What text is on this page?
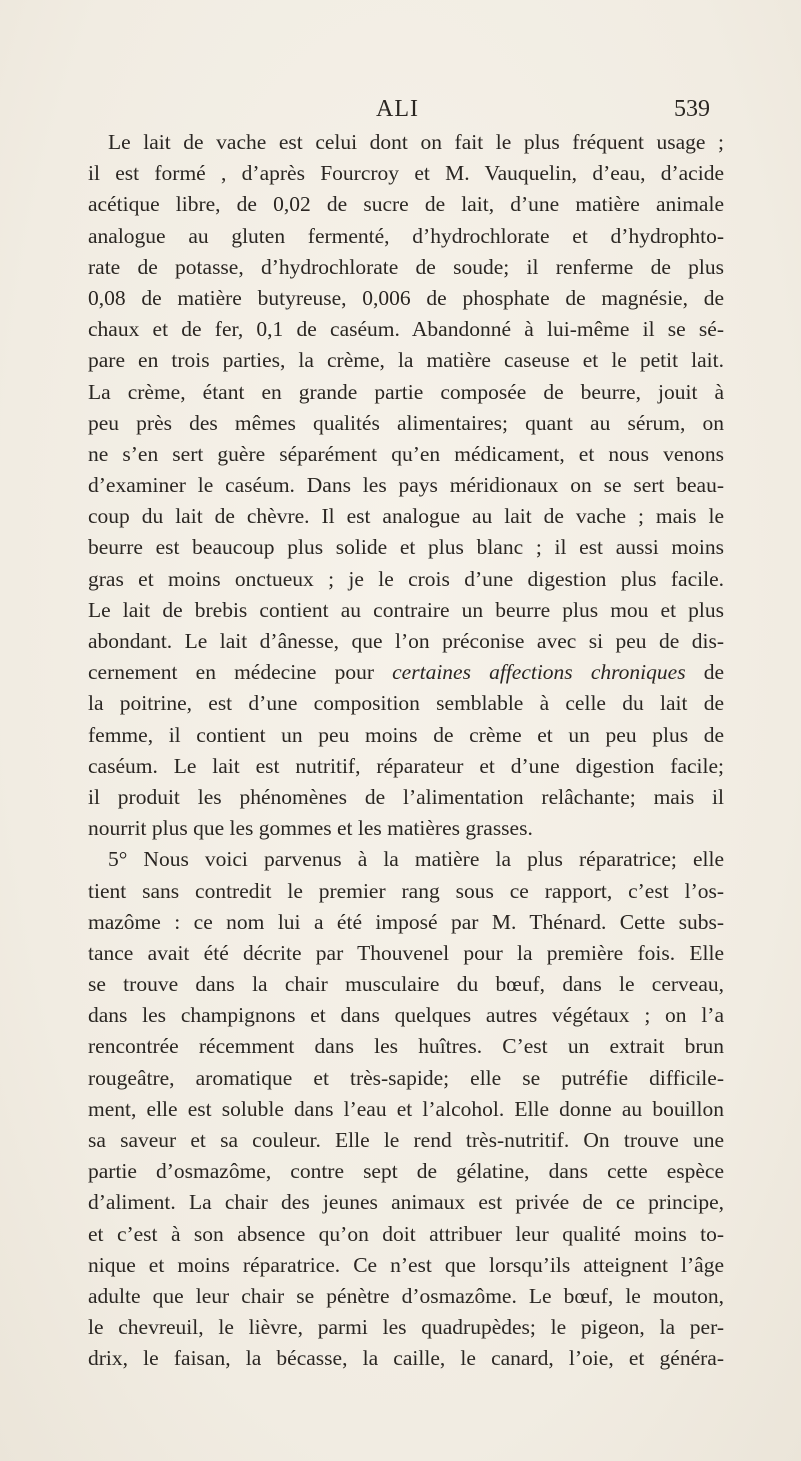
ALI	539
Le lait de vache est celui dont on fait le plus fréquent usage ;
il est formé , d’après Fourcroy et M. Vauquelin, d’eau, d’acide
acétique libre, de 0,02 de sucre de lait, d’une matière animale
analogue au gluten fermenté, d’hydrochlorate et d’hydrophto-
rate de potasse, d’hydrochlorate de soude; il renferme de plus
0,08 de matière butyreuse, 0,006 de phosphate de magnésie, de
chaux et de fer, 0,1 de caséum. Abandonné à lui-même il se sé-
pare en trois parties, la crème, la matière caseuse et le petit lait.
La crème, étant en grande partie composée de beurre, jouit à
peu près des mêmes qualités alimentaires; quant au sérum, on
ne s’en sert guère séparément qu’en médicament, et nous venons
d’examiner le caséum. Dans les pays méridionaux on se sert beau-
coup du lait de chèvre. Il est analogue au lait de vache ; mais le
beurre est beaucoup plus solide et plus blanc ; il est aussi moins
gras et moins onctueux ; je le crois d’une digestion plus facile.
Le lait de brebis contient au contraire un beurre plus mou et plus
abondant. Le lait d’ânesse, que l’on préconise avec si peu de dis-
cernement en médecine pour certaines affections chroniques de
la poitrine, est d’une composition semblable à celle du lait de
femme, il contient un peu moins de crème et un peu plus de
caséum. Le lait est nutritif, réparateur et d’une digestion facile;
il produit les phénomènes de l’alimentation relâchante; mais il
nourrit plus que les gommes et les matières grasses.
5° Nous voici parvenus à la matière la plus réparatrice; elle
tient sans contredit le premier rang sous ce rapport, c’est l’os-
mazôme : ce nom lui a été imposé par M. Thénard. Cette subs-
tance avait été décrite par Thouvenel pour la première fois. Elle
se trouve dans la chair musculaire du bœuf, dans le cerveau,
dans les champignons et dans quelques autres végétaux ; on l’a
rencontrée récemment dans les huîtres. C’est un extrait brun
rougeâtre, aromatique et très-sapide; elle se putréfie difficile-
ment, elle est soluble dans l’eau et l’alcohol. Elle donne au bouillon
sa saveur et sa couleur. Elle le rend très-nutritif. On trouve une
partie d’osmazôme, contre sept de gélatine, dans cette espèce
d’aliment. La chair des jeunes animaux est privée de ce principe,
et c’est à son absence qu’on doit attribuer leur qualité moins to-
nique et moins réparatrice. Ce n’est que lorsqu’ils atteignent l’âge
adulte que leur chair se pénètre d’osmazôme. Le bœuf, le mouton,
le chevreuil, le lièvre, parmi les quadrupèdes; le pigeon, la per-
drix, le faisan, la bécasse, la caille, le canard, l’oie, et généra-
